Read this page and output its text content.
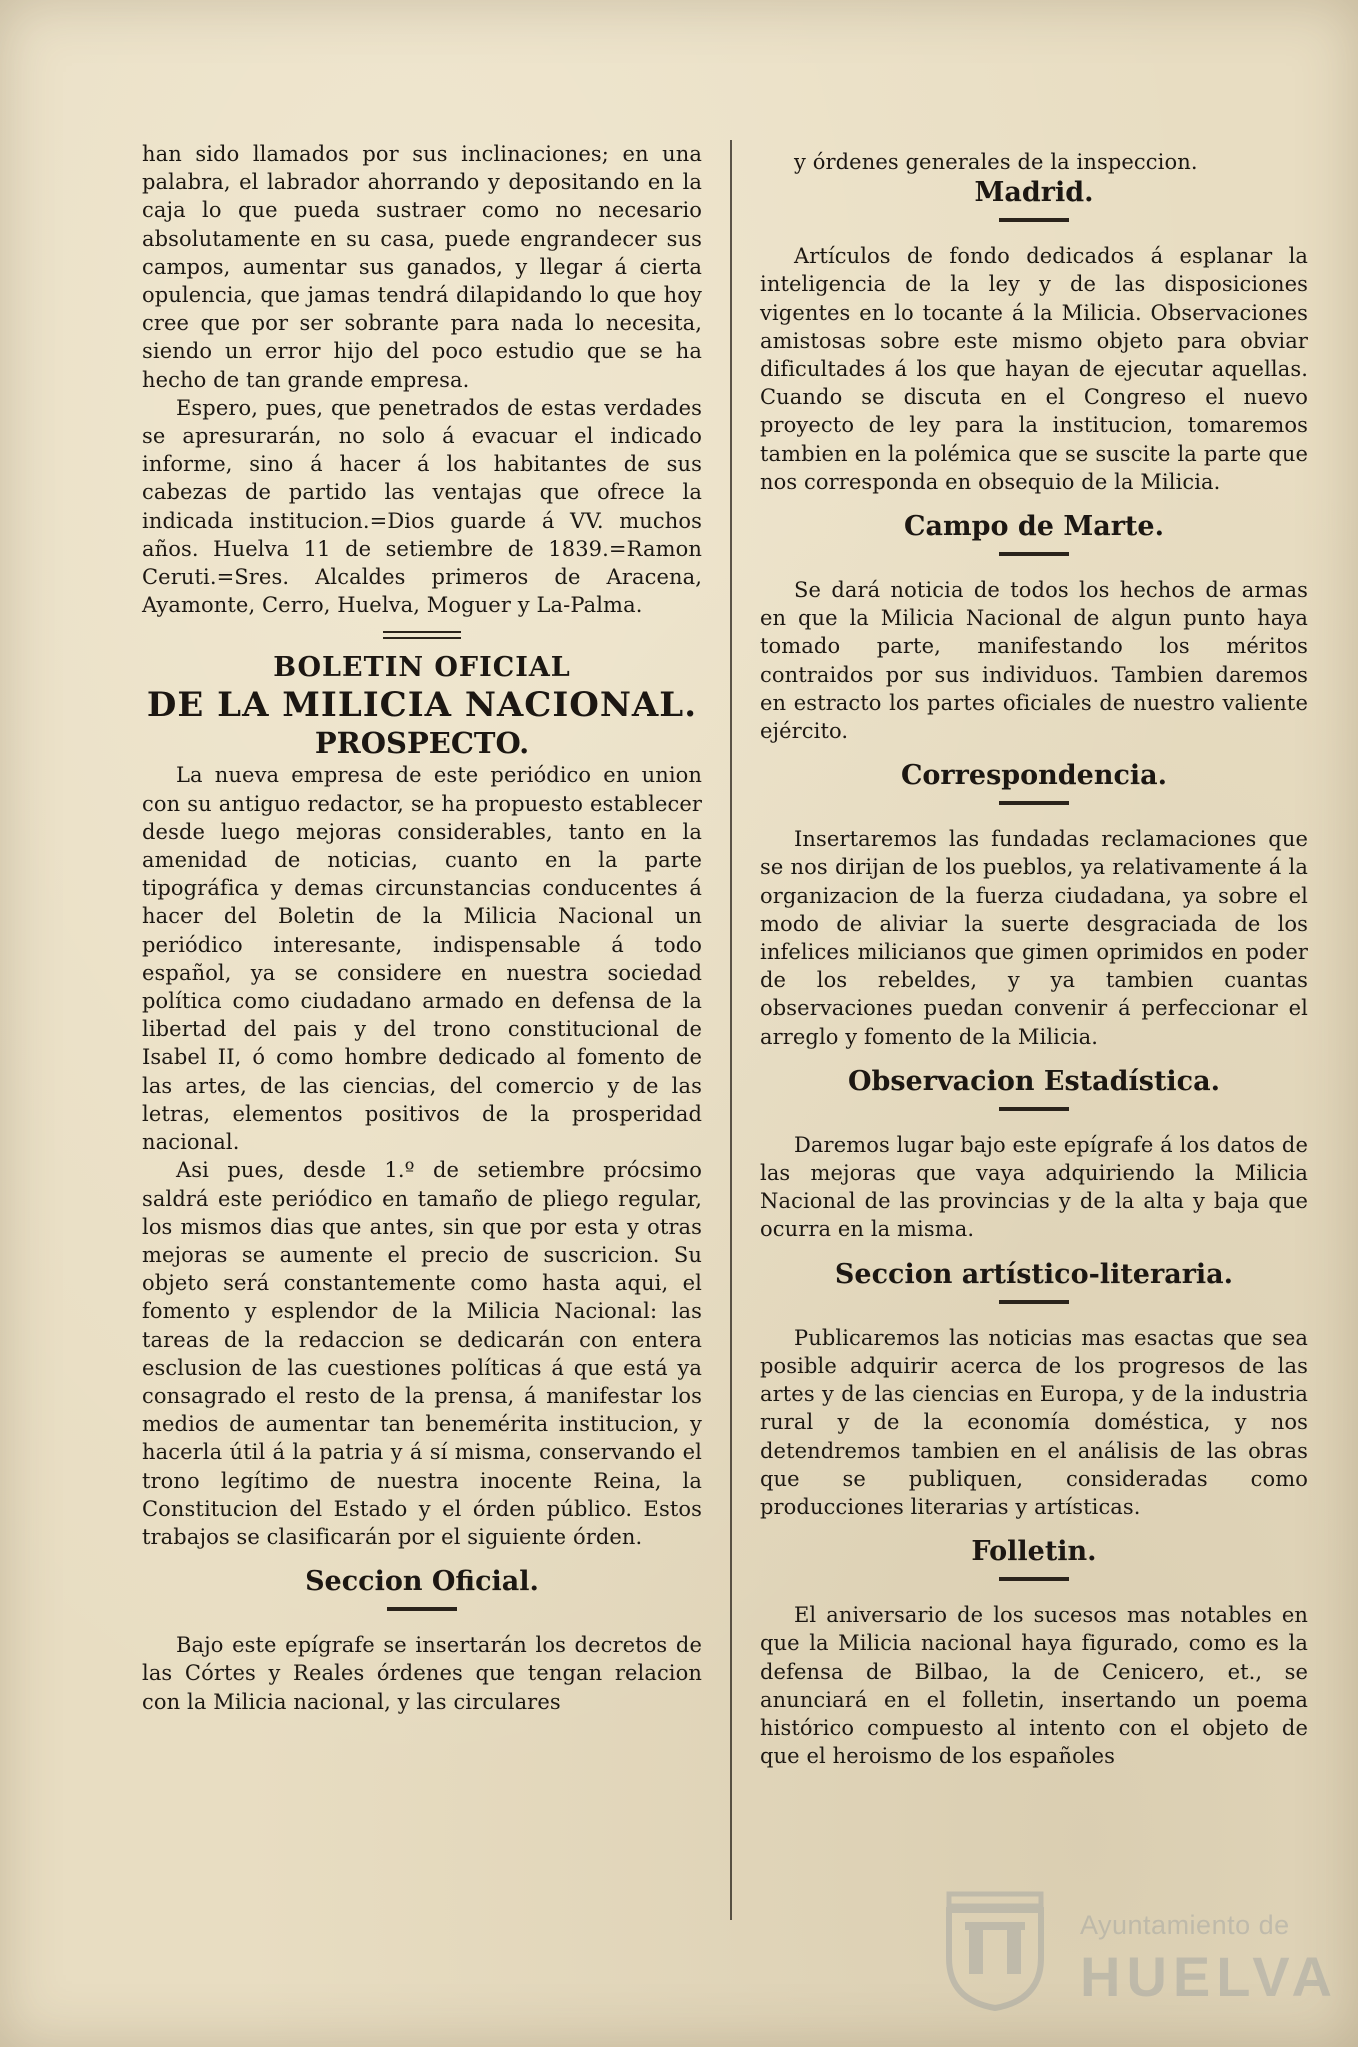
han sido llamados por sus inclinaciones; en una palabra, el labrador ahorrando y depositando en la caja lo que pueda sustraer como no necesario absolutamente en su casa, puede engrandecer sus campos, aumentar sus ganados, y llegar á cierta opulencia, que jamas tendrá dilapidando lo que hoy cree que por ser sobrante para nada lo necesita, siendo un error hijo del poco estudio que se ha hecho de tan grande empresa.

Espero, pues, que penetrados de estas verdades se apresurarán, no solo á evacuar el indicado informe, sino á hacer á los habitantes de sus cabezas de partido las ventajas que ofrece la indicada institucion.=Dios guarde á VV. muchos años. Huelva 11 de setiembre de 1839.=Ramon Ceruti.=Sres. Alcaldes primeros de Aracena, Ayamonte, Cerro, Huelva, Moguer y La-Palma.

BOLETIN OFICIAL

DE LA MILICIA NACIONAL.

PROSPECTO.

La nueva empresa de este periódico en union con su antiguo redactor, se ha propuesto establecer desde luego mejoras considerables, tanto en la amenidad de noticias, cuanto en la parte tipográfica y demas circunstancias conducentes á hacer del Boletin de la Milicia Nacional un periódico interesante, indispensable á todo español, ya se considere en nuestra sociedad política como ciudadano armado en defensa de la libertad del pais y del trono constitucional de Isabel II, ó como hombre dedicado al fomento de las artes, de las ciencias, del comercio y de las letras, elementos positivos de la prosperidad nacional.

Asi pues, desde 1.º de setiembre prócsimo saldrá este periódico en tamaño de pliego regular, los mismos dias que antes, sin que por esta y otras mejoras se aumente el precio de suscricion. Su objeto será constantemente como hasta aqui, el fomento y esplendor de la Milicia Nacional: las tareas de la redaccion se dedicarán con entera esclusion de las cuestiones políticas á que está ya consagrado el resto de la prensa, á manifestar los medios de aumentar tan benemérita institucion, y hacerla útil á la patria y á sí misma, conservando el trono legítimo de nuestra inocente Reina, la Constitucion del Estado y el órden público. Estos trabajos se clasificarán por el siguiente órden.

Seccion Oficial.

Bajo este epígrafe se insertarán los decretos de las Córtes y Reales órdenes que tengan relacion con la Milicia nacional, y las circulares

y órdenes generales de la inspeccion.

Madrid.

Artículos de fondo dedicados á esplanar la inteligencia de la ley y de las disposiciones vigentes en lo tocante á la Milicia. Observaciones amistosas sobre este mismo objeto para obviar dificultades á los que hayan de ejecutar aquellas. Cuando se discuta en el Congreso el nuevo proyecto de ley para la institucion, tomaremos tambien en la polémica que se suscite la parte que nos corresponda en obsequio de la Milicia.

Campo de Marte.

Se dará noticia de todos los hechos de armas en que la Milicia Nacional de algun punto haya tomado parte, manifestando los méritos contraidos por sus individuos. Tambien daremos en estracto los partes oficiales de nuestro valiente ejército.

Correspondencia.

Insertaremos las fundadas reclamaciones que se nos dirijan de los pueblos, ya relativamente á la organizacion de la fuerza ciudadana, ya sobre el modo de aliviar la suerte desgraciada de los infelices milicianos que gimen oprimidos en poder de los rebeldes, y ya tambien cuantas observaciones puedan convenir á perfeccionar el arreglo y fomento de la Milicia.

Observacion Estadística.

Daremos lugar bajo este epígrafe á los datos de las mejoras que vaya adquiriendo la Milicia Nacional de las provincias y de la alta y baja que ocurra en la misma.

Seccion artístico-literaria.

Publicaremos las noticias mas esactas que sea posible adquirir acerca de los progresos de las artes y de las ciencias en Europa, y de la industria rural y de la economía doméstica, y nos detendremos tambien en el análisis de las obras que se publiquen, consideradas como producciones literarias y artísticas.

Folletin.

El aniversario de los sucesos mas notables en que la Milicia nacional haya figurado, como es la defensa de Bilbao, la de Cenicero, et., se anunciará en el folletin, insertando un poema histórico compuesto al intento con el objeto de que el heroismo de los españoles

Ayuntamiento de
HUELVA
